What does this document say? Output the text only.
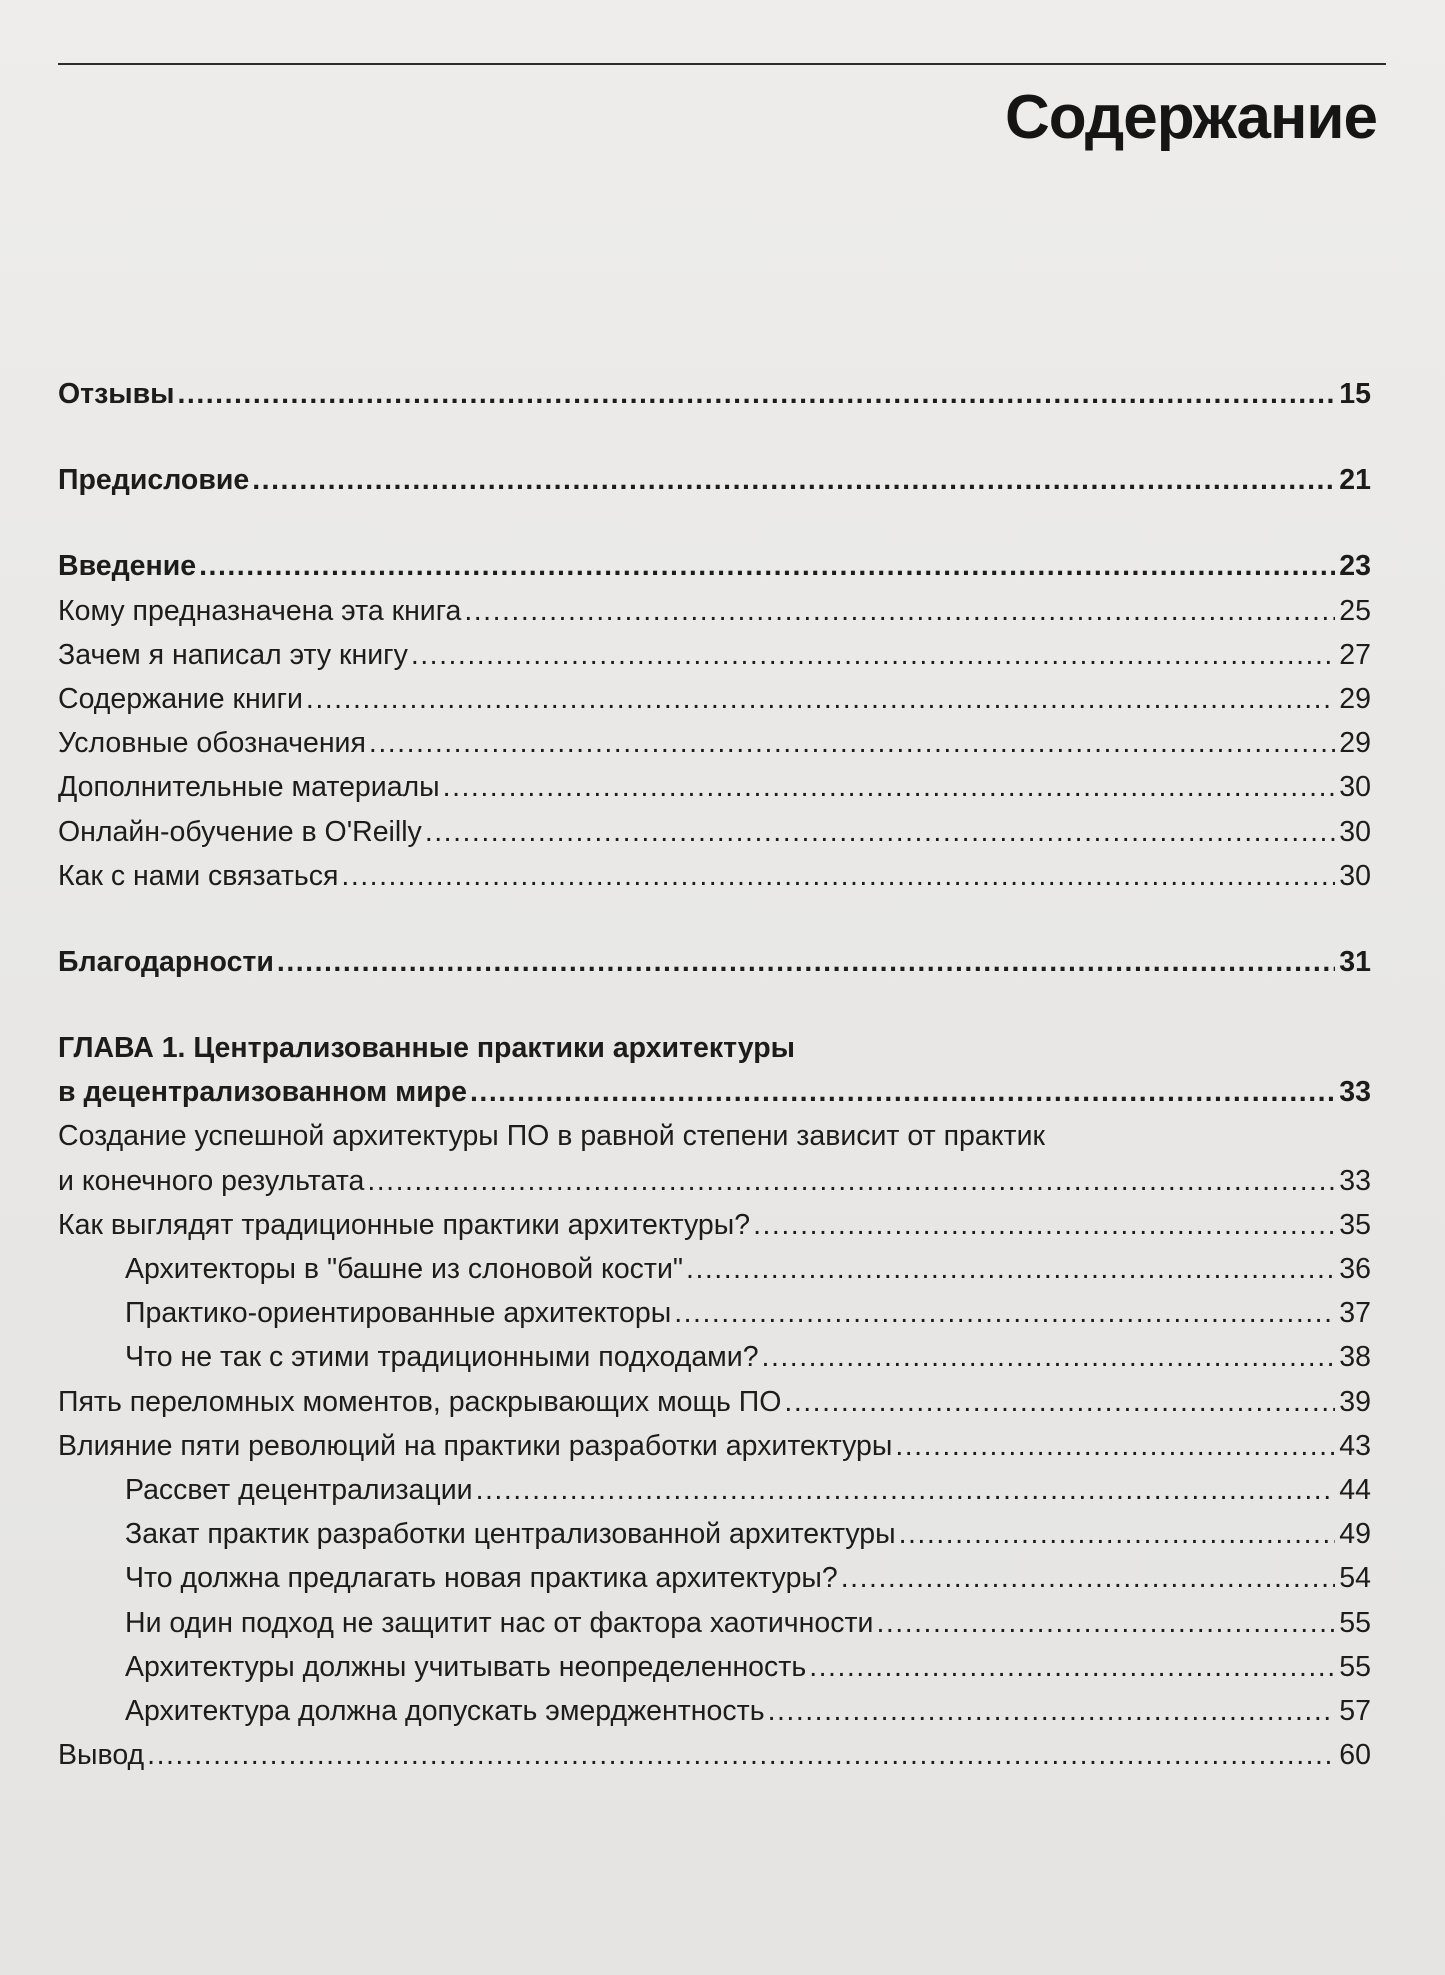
Содержание
Отзывы .....	15
Предисловие .....	21
Введение .....	23
Кому предназначена эта книга .....	25
Зачем я написал эту книгу .....	27
Содержание книги .....	29
Условные обозначения .....	29
Дополнительные материалы .....	30
Онлайн-обучение в O'Reilly .....	30
Как с нами связаться .....	30
Благодарности .....	31
ГЛАВА 1. Централизованные практики архитектуры
в децентрализованном мире .....	33
Создание успешной архитектуры ПО в равной степени зависит от практик
и конечного результата .....	33
Как выглядят традиционные практики архитектуры? .....	35
Архитекторы в "башне из слоновой кости" .....	36
Практико-ориентированные архитекторы .....	37
Что не так с этими традиционными подходами? .....	38
Пять переломных моментов, раскрывающих мощь ПО .....	39
Влияние пяти революций на практики разработки архитектуры .....	43
Рассвет децентрализации .....	44
Закат практик разработки централизованной архитектуры .....	49
Что должна предлагать новая практика архитектуры? .....	54
Ни один подход не защитит нас от фактора хаотичности .....	55
Архитектуры должны учитывать неопределенность .....	55
Архитектура должна допускать эмерджентность .....	57
Вывод .....	60
